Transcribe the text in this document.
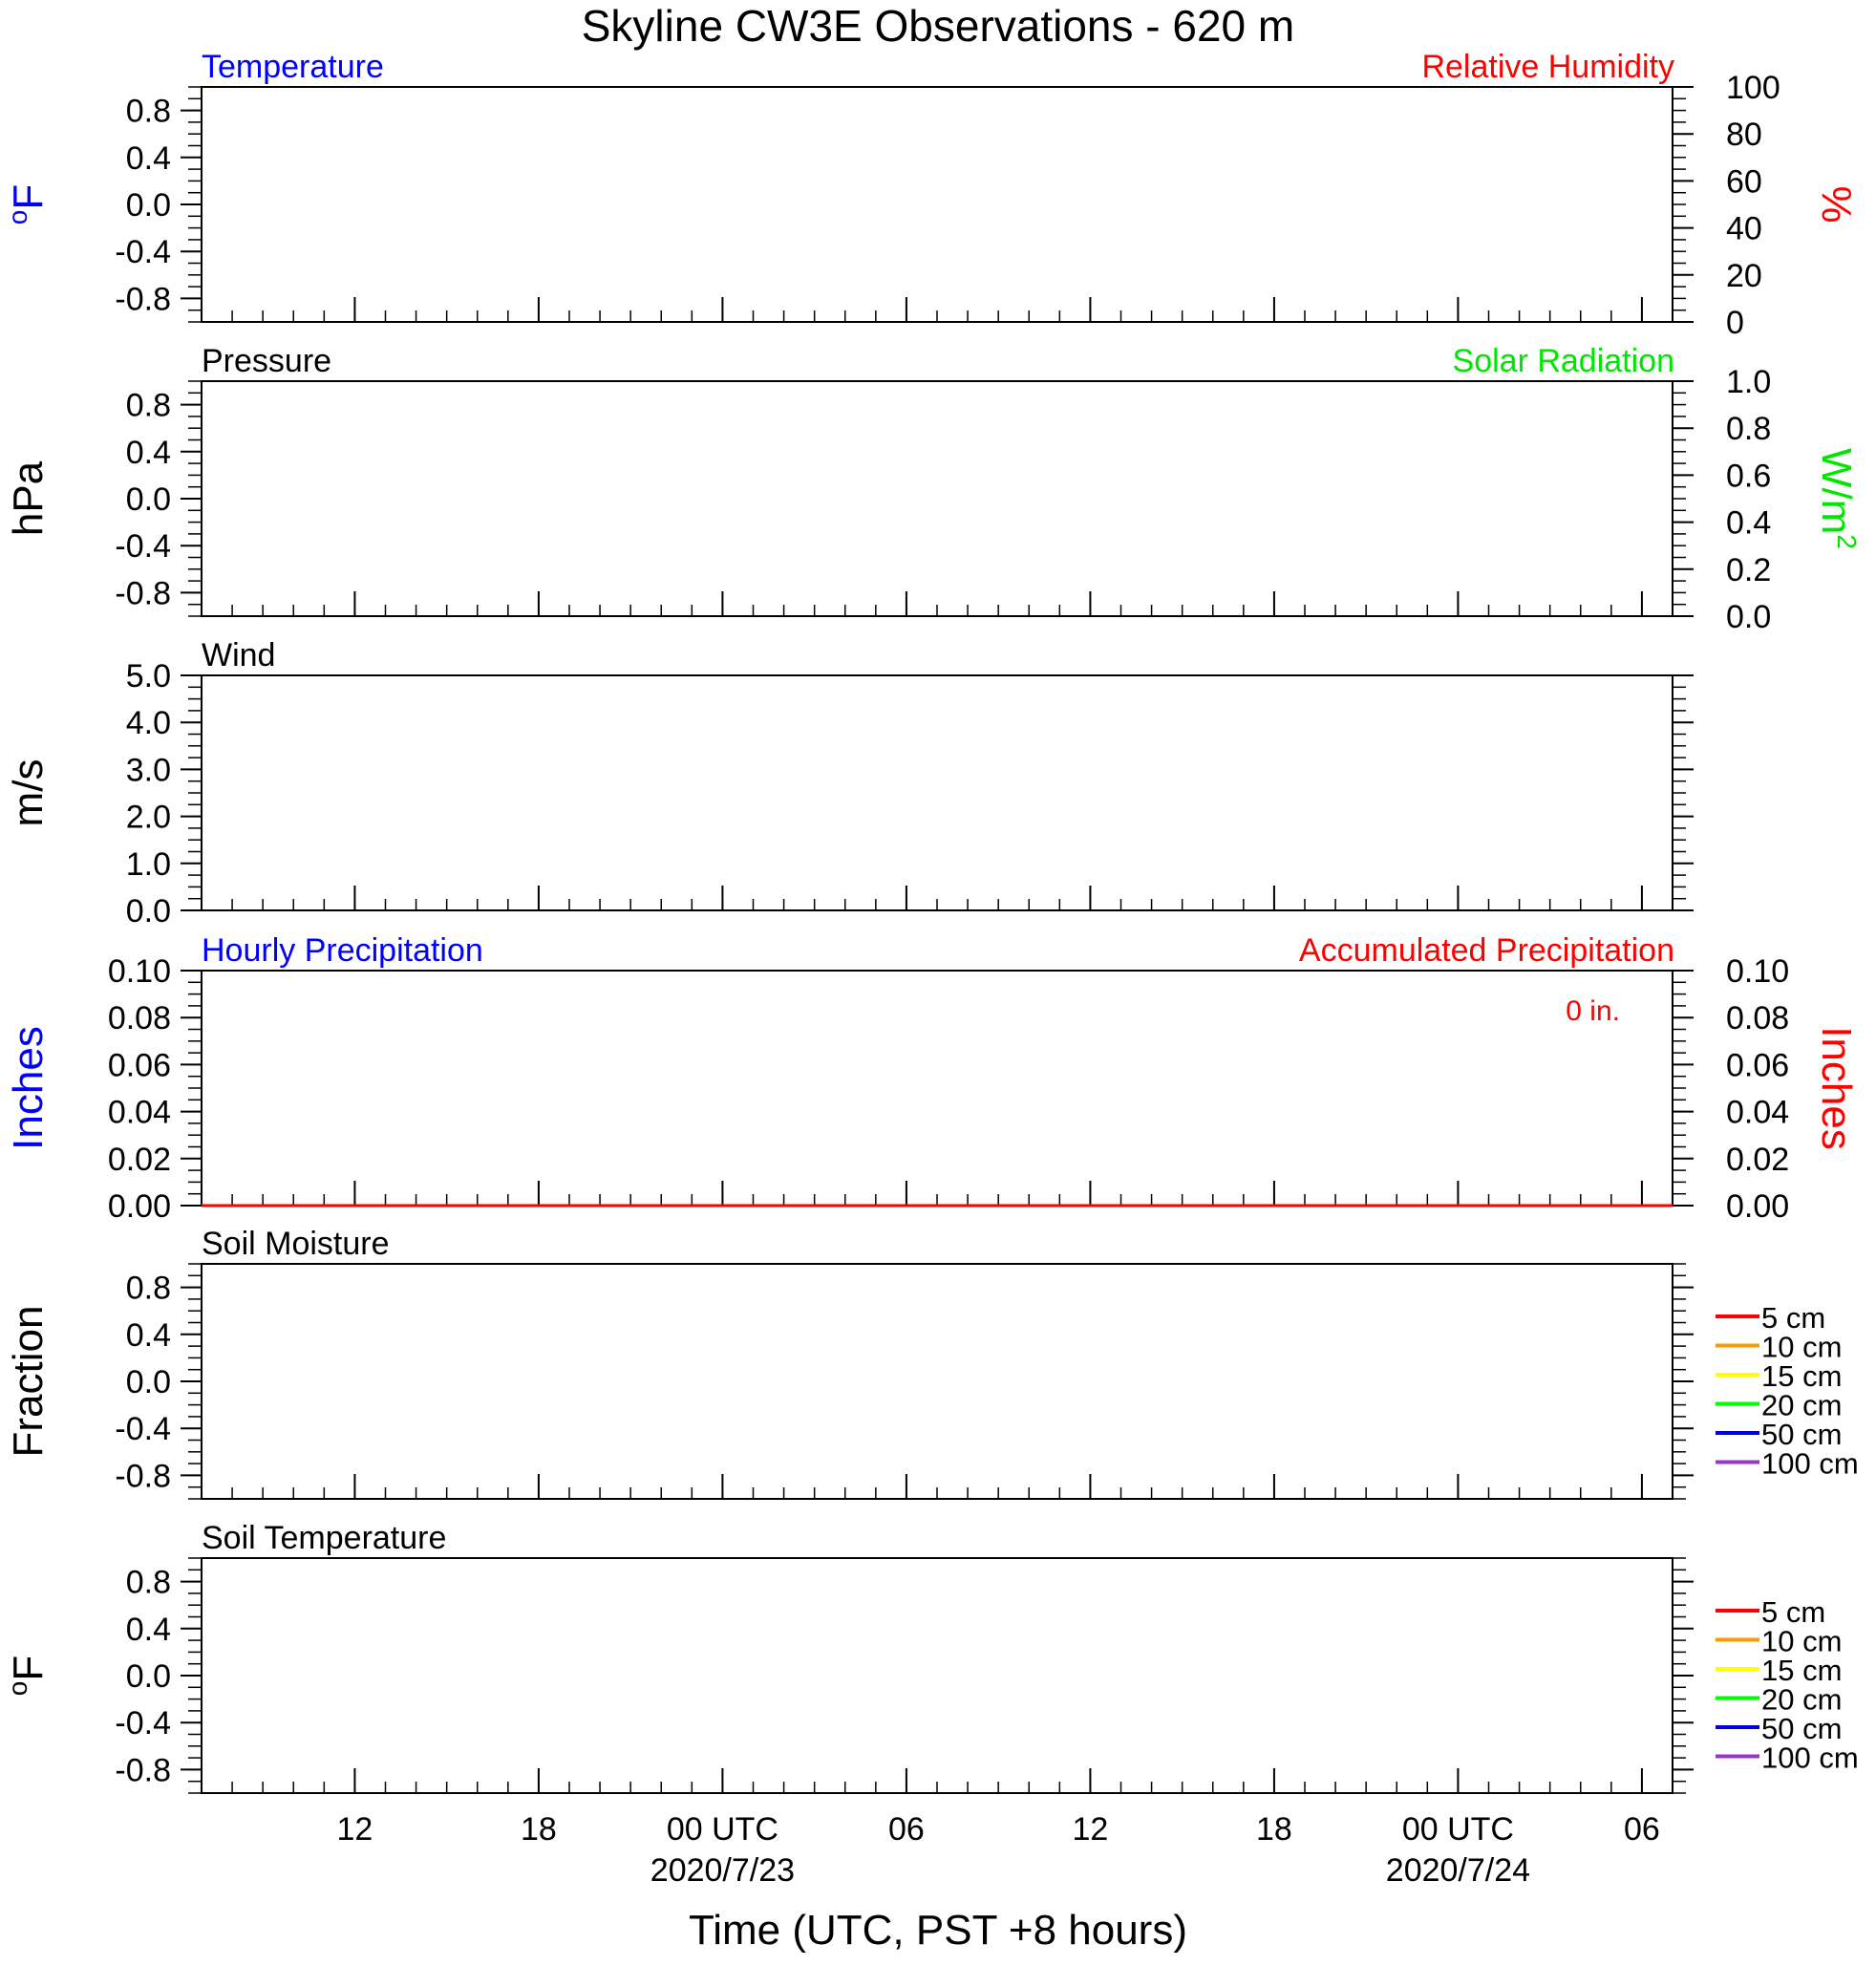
Skyline CW3E Observations - 620 m
0.8
0.4
0.0
-0.4
-0.8
100
80
60
40
20
0
Temperature	Relative Humidity
$^o$F	%
0.8
0.4
0.0
-0.4
-0.8
1.0
0.8
0.6
0.4
0.2
0.0
Pressure	Solar Radiation
hPa	$W/m^2$
5.0
4.0
3.0
2.0
1.0
0.0
Wind
m/s
0.10
0.08
0.06
0.04
0.02
0.00
0.10
0.08
0.06
0.04
0.02
0.00
Hourly Precipitation	Accumulated Precipitation
0 in.
Inches	Inches
0.8
0.4
0.0
-0.4
-0.8
Soil Moisture
Fraction	5 cm
10 cm
15 cm
20 cm
50 cm
100 cm
0.8
0.4
0.0
-0.4
-0.8
Soil Temperature
$^o$F
5 cm
10 cm
15 cm
20 cm
50 cm
100 cm
12	18	00 UTC
2020/7/23
06	12	18	00 UTC
2020/7/24
06
Time (UTC, PST +8 hours)
